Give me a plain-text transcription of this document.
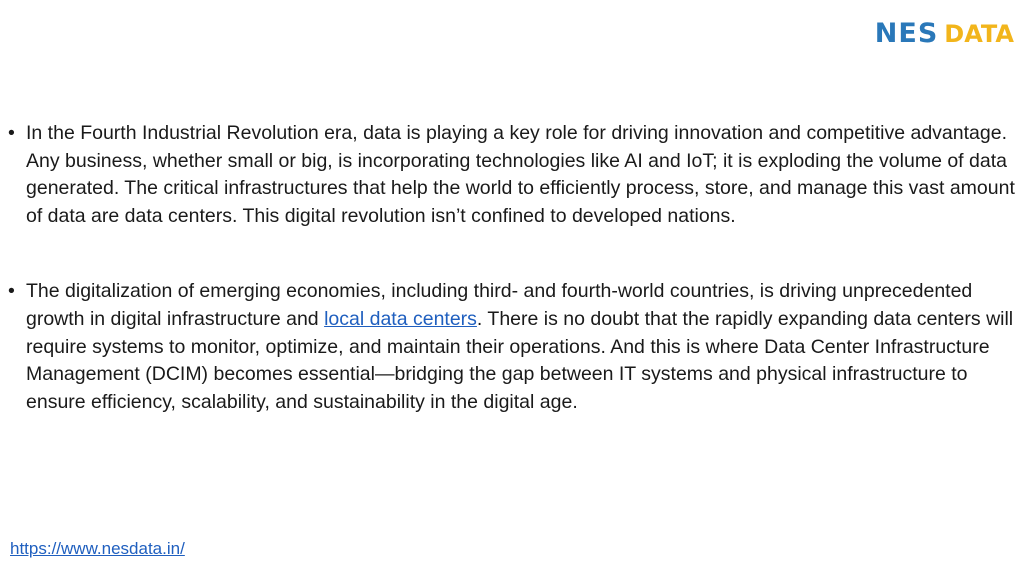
NES DATA
• In the Fourth Industrial Revolution era, data is playing a key role for driving innovation and competitive advantage. Any business, whether small or big, is incorporating technologies like AI and IoT; it is exploding the volume of data generated. The critical infrastructures that help the world to efficiently process, store, and manage this vast amount of data are data centers. This digital revolution isn’t confined to developed nations.
• The digitalization of emerging economies, including third- and fourth-world countries, is driving unprecedented growth in digital infrastructure and local data centers. There is no doubt that the rapidly expanding data centers will require systems to monitor, optimize, and maintain their operations. And this is where Data Center Infrastructure Management (DCIM) becomes essential—bridging the gap between IT systems and physical infrastructure to ensure efficiency, scalability, and sustainability in the digital age.
https://www.nesdata.in/
